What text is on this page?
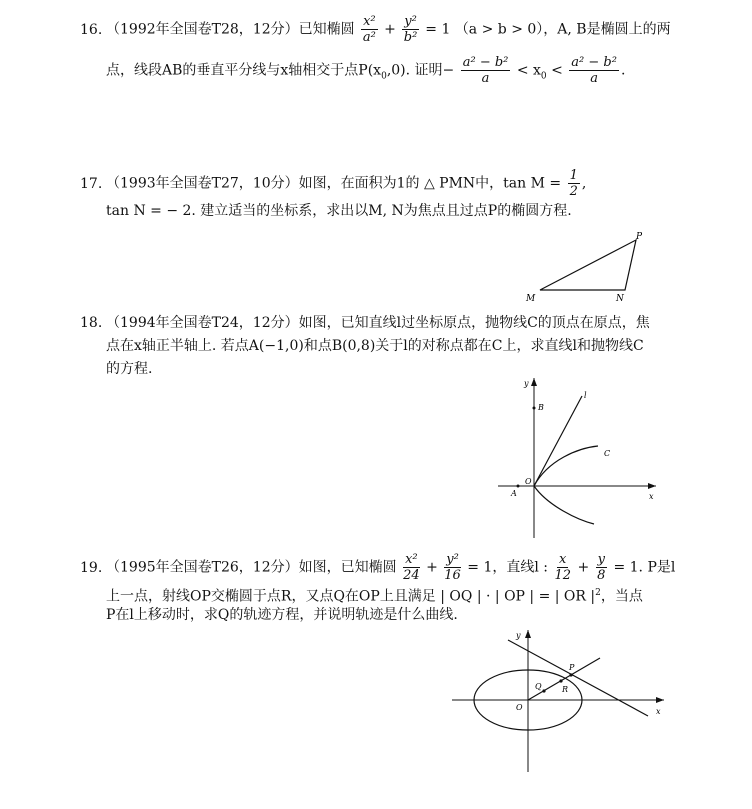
16. （1992年全国卷T28，12分）已知椭圆 $\frac{\text{x²}}{\text{a²}} + \frac{\text{y²}}{\text{b²}} = 1$ （a > b > 0），A, B是椭圆上的两
点，线段AB的垂直平分线与x轴相交于点$P(x_0,0)$. 证明− $\frac{\text{a² − b²}}{a} < x_0 < \frac{\text{a² − b²}}{a}$ .
17. （1993年全国卷T27，10分）如图，在面积为1的 △ PMN中，$\tan M = \frac{1}{2}$ ,
tan N = − 2. 建立适当的坐标系，求出以M, N为焦点且过点P的椭圆方程.
P
M	N
18. （1994年全国卷T24，12分）如图，已知直线l过坐标原点，抛物线C的顶点在原点，焦
点在x轴正半轴上. 若点A(−1,0)和点B(0,8)关于l的对称点都在C上，求直线l和抛物线C
的方程.
y
B
l
C
O
A	x
19. （1995年全国卷T26，12分）如图，已知椭圆 $\frac{\text{x²}}{24} + \frac{\text{y²}}{16} = 1$，直线l : $\frac{x}{12} + \frac{y}{8} = 1$. P是l
上一点，射线OP交椭圆于点R，又点Q在OP上且满足 | OQ | · | OP | = | OR $|^2$，当点
P在l上移动时，求Q的轨迹方程，并说明轨迹是什么曲线.
y
P
Q	R
O	x
